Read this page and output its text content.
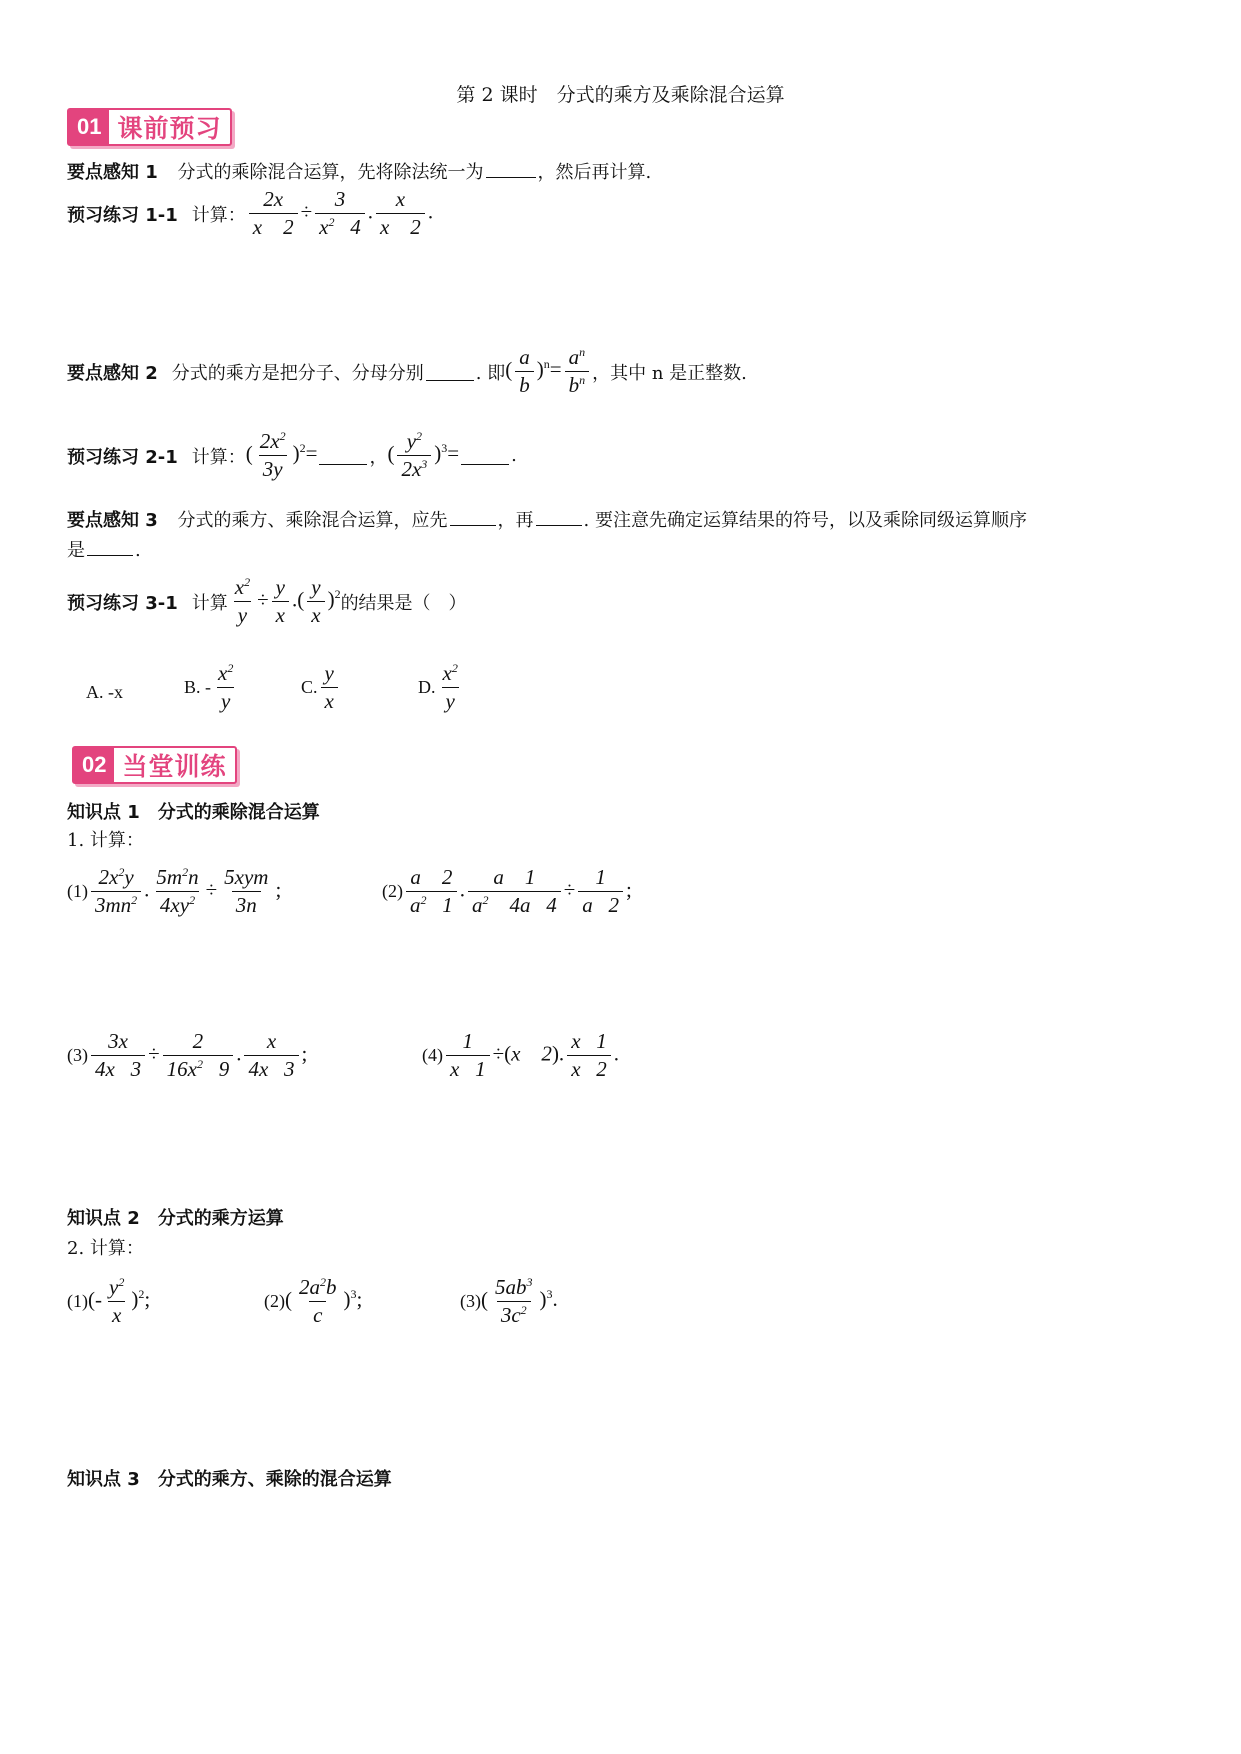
第 2 课时　分式的乘方及乘除混合运算
01 课前预习
要点感知 1 分式的乘除混合运算，先将除法统一为	，然后再计算.
预习练习 1-1 计算： $\frac{2x}{x 2} \div \frac{3}{x^2 4}$ . $\frac{x}{x 2}$ .
要点感知 2 分式的乘方是把分子、分母分别	. 即 ( $\frac{a}{b} )^n= \frac{a^n}{b^n}$ ，其中 n 是正整数.
预习练习 2-1 计算： ( $\frac{2x^2}{3y} )^2=$	， ( $\frac{y^2}{2x^3} )^3=$	.
要点感知 3 分式的乘方、乘除混合运算，应先	，再	. 要注意先确定运算结果的符号，以及乘除同级运算顺序
是	.
预习练习 3-1 计算 $\frac{x^2}{y} \div \frac{y}{x}$ .( $\frac{y}{x} )^2$ 的结果是（　）
A. -x	B. - $\frac{x^2}{y}$	C. $\frac{y}{x}$	D. $\frac{x^2}{y}$
02 当堂训练
知识点 1　分式的乘除混合运算
1. 计算：
$(1) \frac{2x^2y}{3mn^2}$ . $\frac{5m^2n}{4xy^2}$ ÷
5xym
3n
;	$(2) \frac{a 2}{a^2 1}$ . $\frac{a 1}{a^2 4a 4} \div \frac{1}{a 2}$ ;
$(3) \frac{3x}{4x 3} \div \frac{2}{16x^2 9}$ . $\frac{x}{4x 3}$ ;	$(4) \frac{1}{x 1} \div(x$    2). $\frac{x 1}{x 2}$ .
知识点 2　分式的乘方运算
2. 计算：
(1) (- $\frac{y^2}{x} )^2$;	(2) ( $\frac{2a^2b}{c} )^3$;	(3) ( $\frac{5ab^3}{3c^2} )^3$.
知识点 3　分式的乘方、乘除的混合运算
